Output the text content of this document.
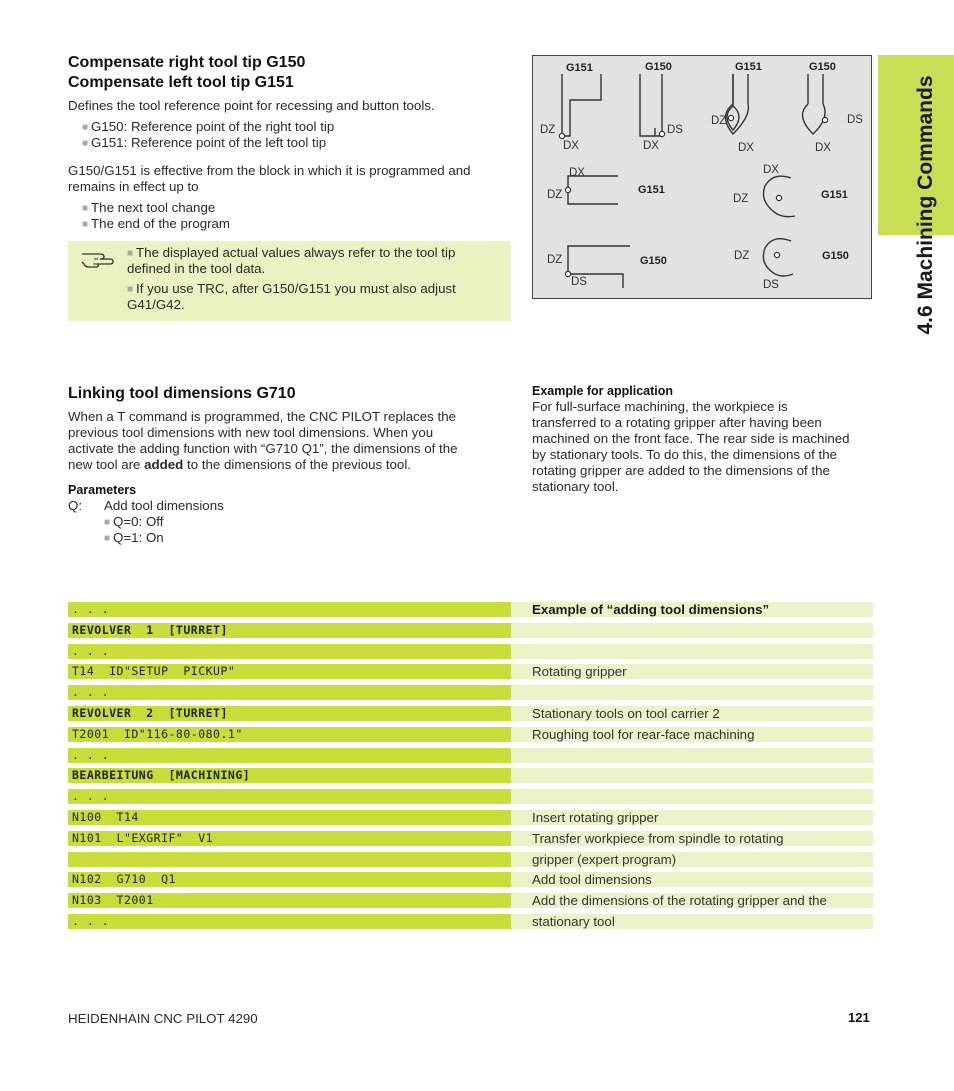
4.6 Machining Commands
Compensate right tool tip G150
Compensate left tool tip G151
Defines the tool reference point for recessing and button tools.
■ G150: Reference point of the right tool tip
■ G151: Reference point of the left tool tip
G150/G151 is effective from the block in which it is programmed and
remains in effect up to
■ The next tool change
■ The end of the program
■ The displayed actual values always refer to the tool tip
defined in the tool data.
■ If you use TRC, after G150/G151 you must also adjust
G41/G42.
G151	G150	G151	G150
G151	G151
G150	G150
DZ
DX
DS
DX
DZ
DX
DS
DX
DX
DZ
DX
DZ
DZ
DS
DZ
DS
Linking tool dimensions G710
When a T command is programmed, the CNC PILOT replaces the
previous tool dimensions with new tool dimensions. When you
activate the adding function with “G710 Q1”, the dimensions of the
new tool are added to the dimensions of the previous tool.
Parameters
Q: Add tool dimensions
■ Q=0: Off
■ Q=1: On
Example for application
For full-surface machining, the workpiece is
transferred to a rotating gripper after having been
machined on the front face. The rear side is machined
by stationary tools. To do this, the dimensions of the
rotating gripper are added to the dimensions of the
stationary tool.
. . .	Example of “adding tool dimensions”
REVOLVER  1  [TURRET]
. . .
T14  ID"SETUP  PICKUP"	Rotating gripper
. . .
REVOLVER  2  [TURRET]	Stationary tools on tool carrier 2
T2001  ID"116-80-080.1"	Roughing tool for rear-face machining
. . .
BEARBEITUNG  [MACHINING]
. . .
N100  T14	Insert rotating gripper
N101  L"EXGRIF"  V1	Transfer workpiece from spindle to rotating
gripper (expert program)
N102  G710  Q1	Add tool dimensions
N103  T2001	Add the dimensions of the rotating gripper and the
. . .	stationary tool
HEIDENHAIN CNC PILOT 4290	121
